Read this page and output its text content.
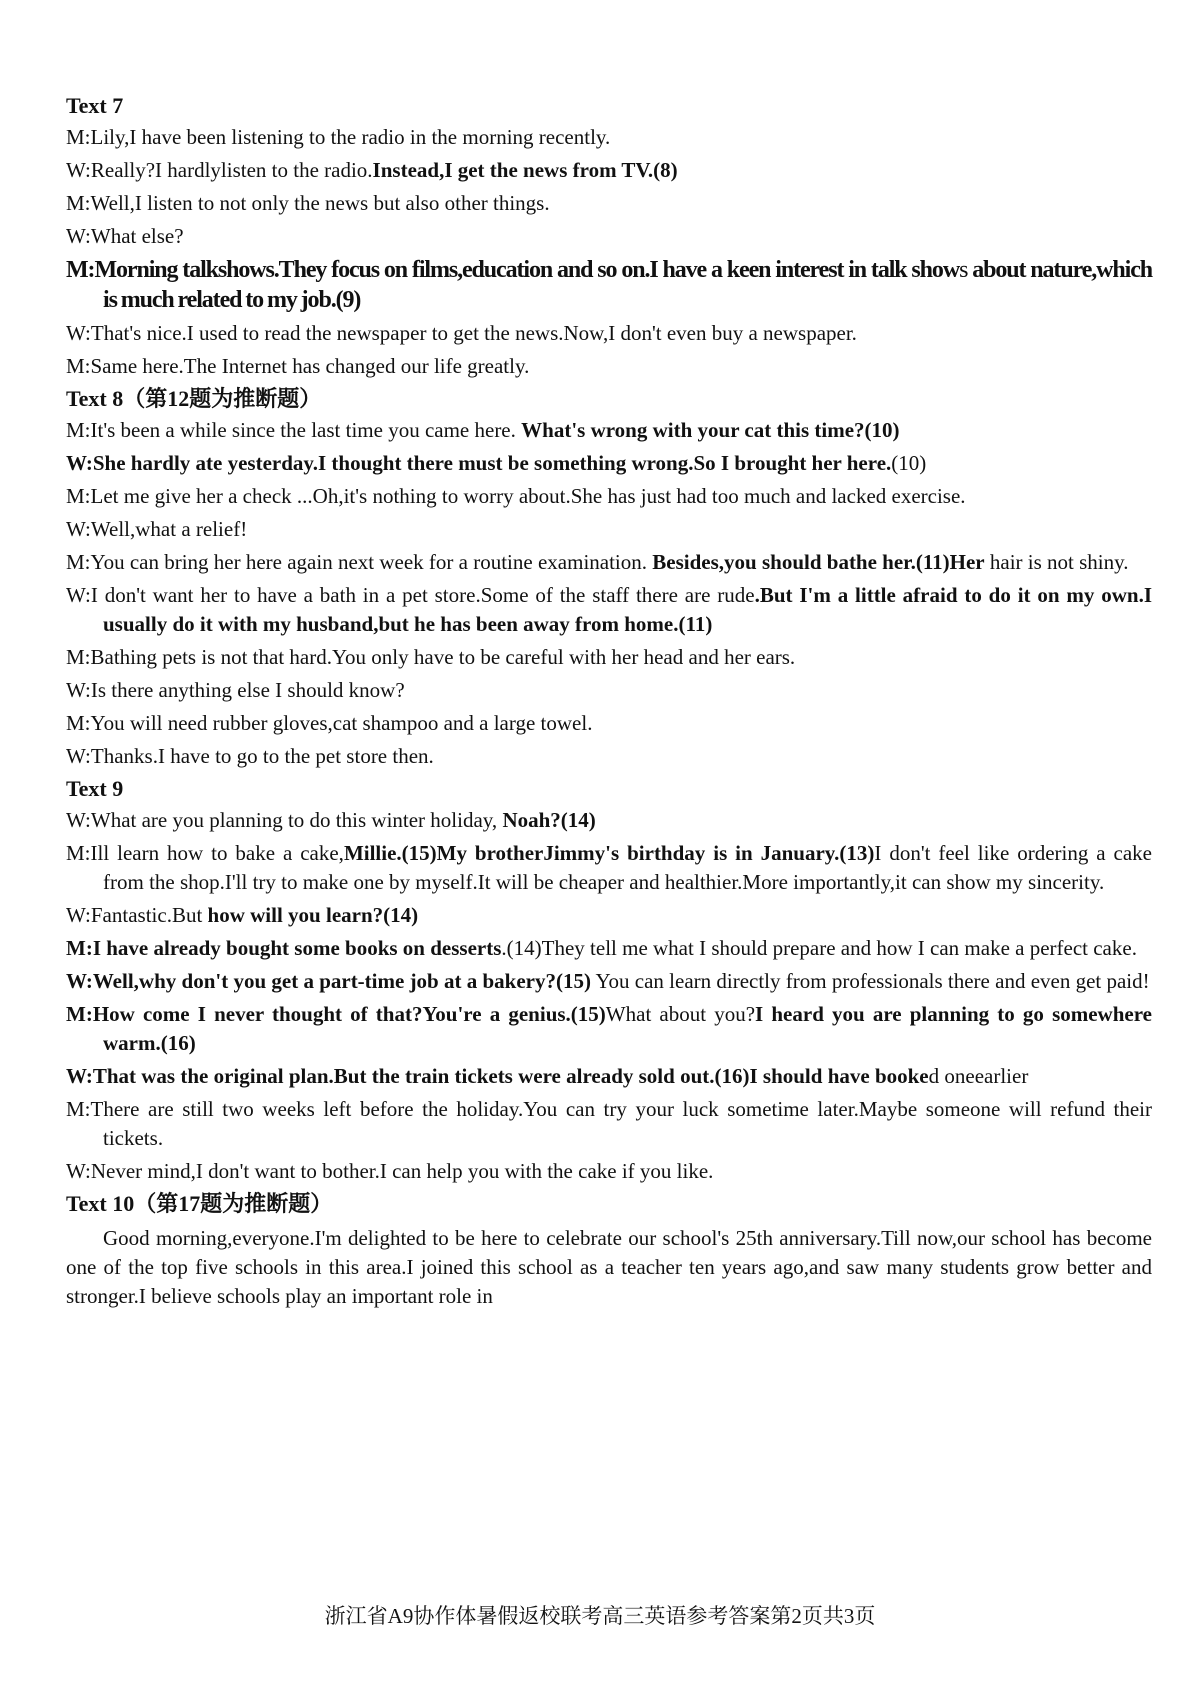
Text 7
M:Lily,I have been listening to the radio in the morning recently.
W:Really?I hardlylisten to the radio.Instead,I get the news from TV.(8)
M:Well,I listen to not only the news but also other things.
W:What else?
M:Morning talkshows.They focus on films,education and so on.I have a keen interest in talk shows about nature,which is much related to my job.(9)
W:That's nice.I used to read the newspaper to get the news.Now,I don't even buy a newspaper.
M:Same here.The Internet has changed our life greatly.
Text 8（第12题为推断题）
M:It's been a while since the last time you came here. What's wrong with your cat this time?(10)
W:She hardly ate yesterday.I thought there must be something wrong.So I brought her here.(10)
M:Let me give her a check ...Oh,it's nothing to worry about.She has just had too much and lacked exercise.
W:Well,what a relief!
M:You can bring her here again next week for a routine examination. Besides,you should bathe her.(11)Her hair is not shiny.
W:I don't want her to have a bath in a pet store.Some of the staff there are rude.But I'm a little afraid to do it on my own.I usually do it with my husband,but he has been away from home.(11)
M:Bathing pets is not that hard.You only have to be careful with her head and her ears.
W:Is there anything else I should know?
M:You will need rubber gloves,cat shampoo and a large towel.
W:Thanks.I have to go to the pet store then.
Text 9
W:What are you planning to do this winter holiday, Noah?(14)
M:Ill learn how to bake a cake,Millie.(15)My brotherJimmy's birthday is in January.(13)I don't feel like ordering a cake from the shop.I'll try to make one by myself.It will be cheaper and healthier.More importantly,it can show my sincerity.
W:Fantastic.But how will you learn?(14)
M:I have already bought some books on desserts.(14)They tell me what I should prepare and how I can make a perfect cake.
W:Well,why don't you get a part-time job at a bakery?(15) You can learn directly from professionals there and even get paid!
M:How come I never thought of that?You're a genius.(15)What about you?I heard you are planning to go somewhere warm.(16)
W:That was the original plan.But the train tickets were already sold out.(16)I should have booked oneearlier
M:There are still two weeks left before the holiday.You can try your luck sometime later.Maybe someone will refund their tickets.
W:Never mind,I don't want to bother.I can help you with the cake if you like.
Text 10（第17题为推断题）
Good morning,everyone.I'm delighted to be here to celebrate our school's 25th anniversary.Till now,our school has become one of the top five schools in this area.I joined this school as a teacher ten years ago,and saw many students grow better and stronger.I believe schools play an important role in
浙江省A9协作体暑假返校联考高三英语参考答案第2页共3页
